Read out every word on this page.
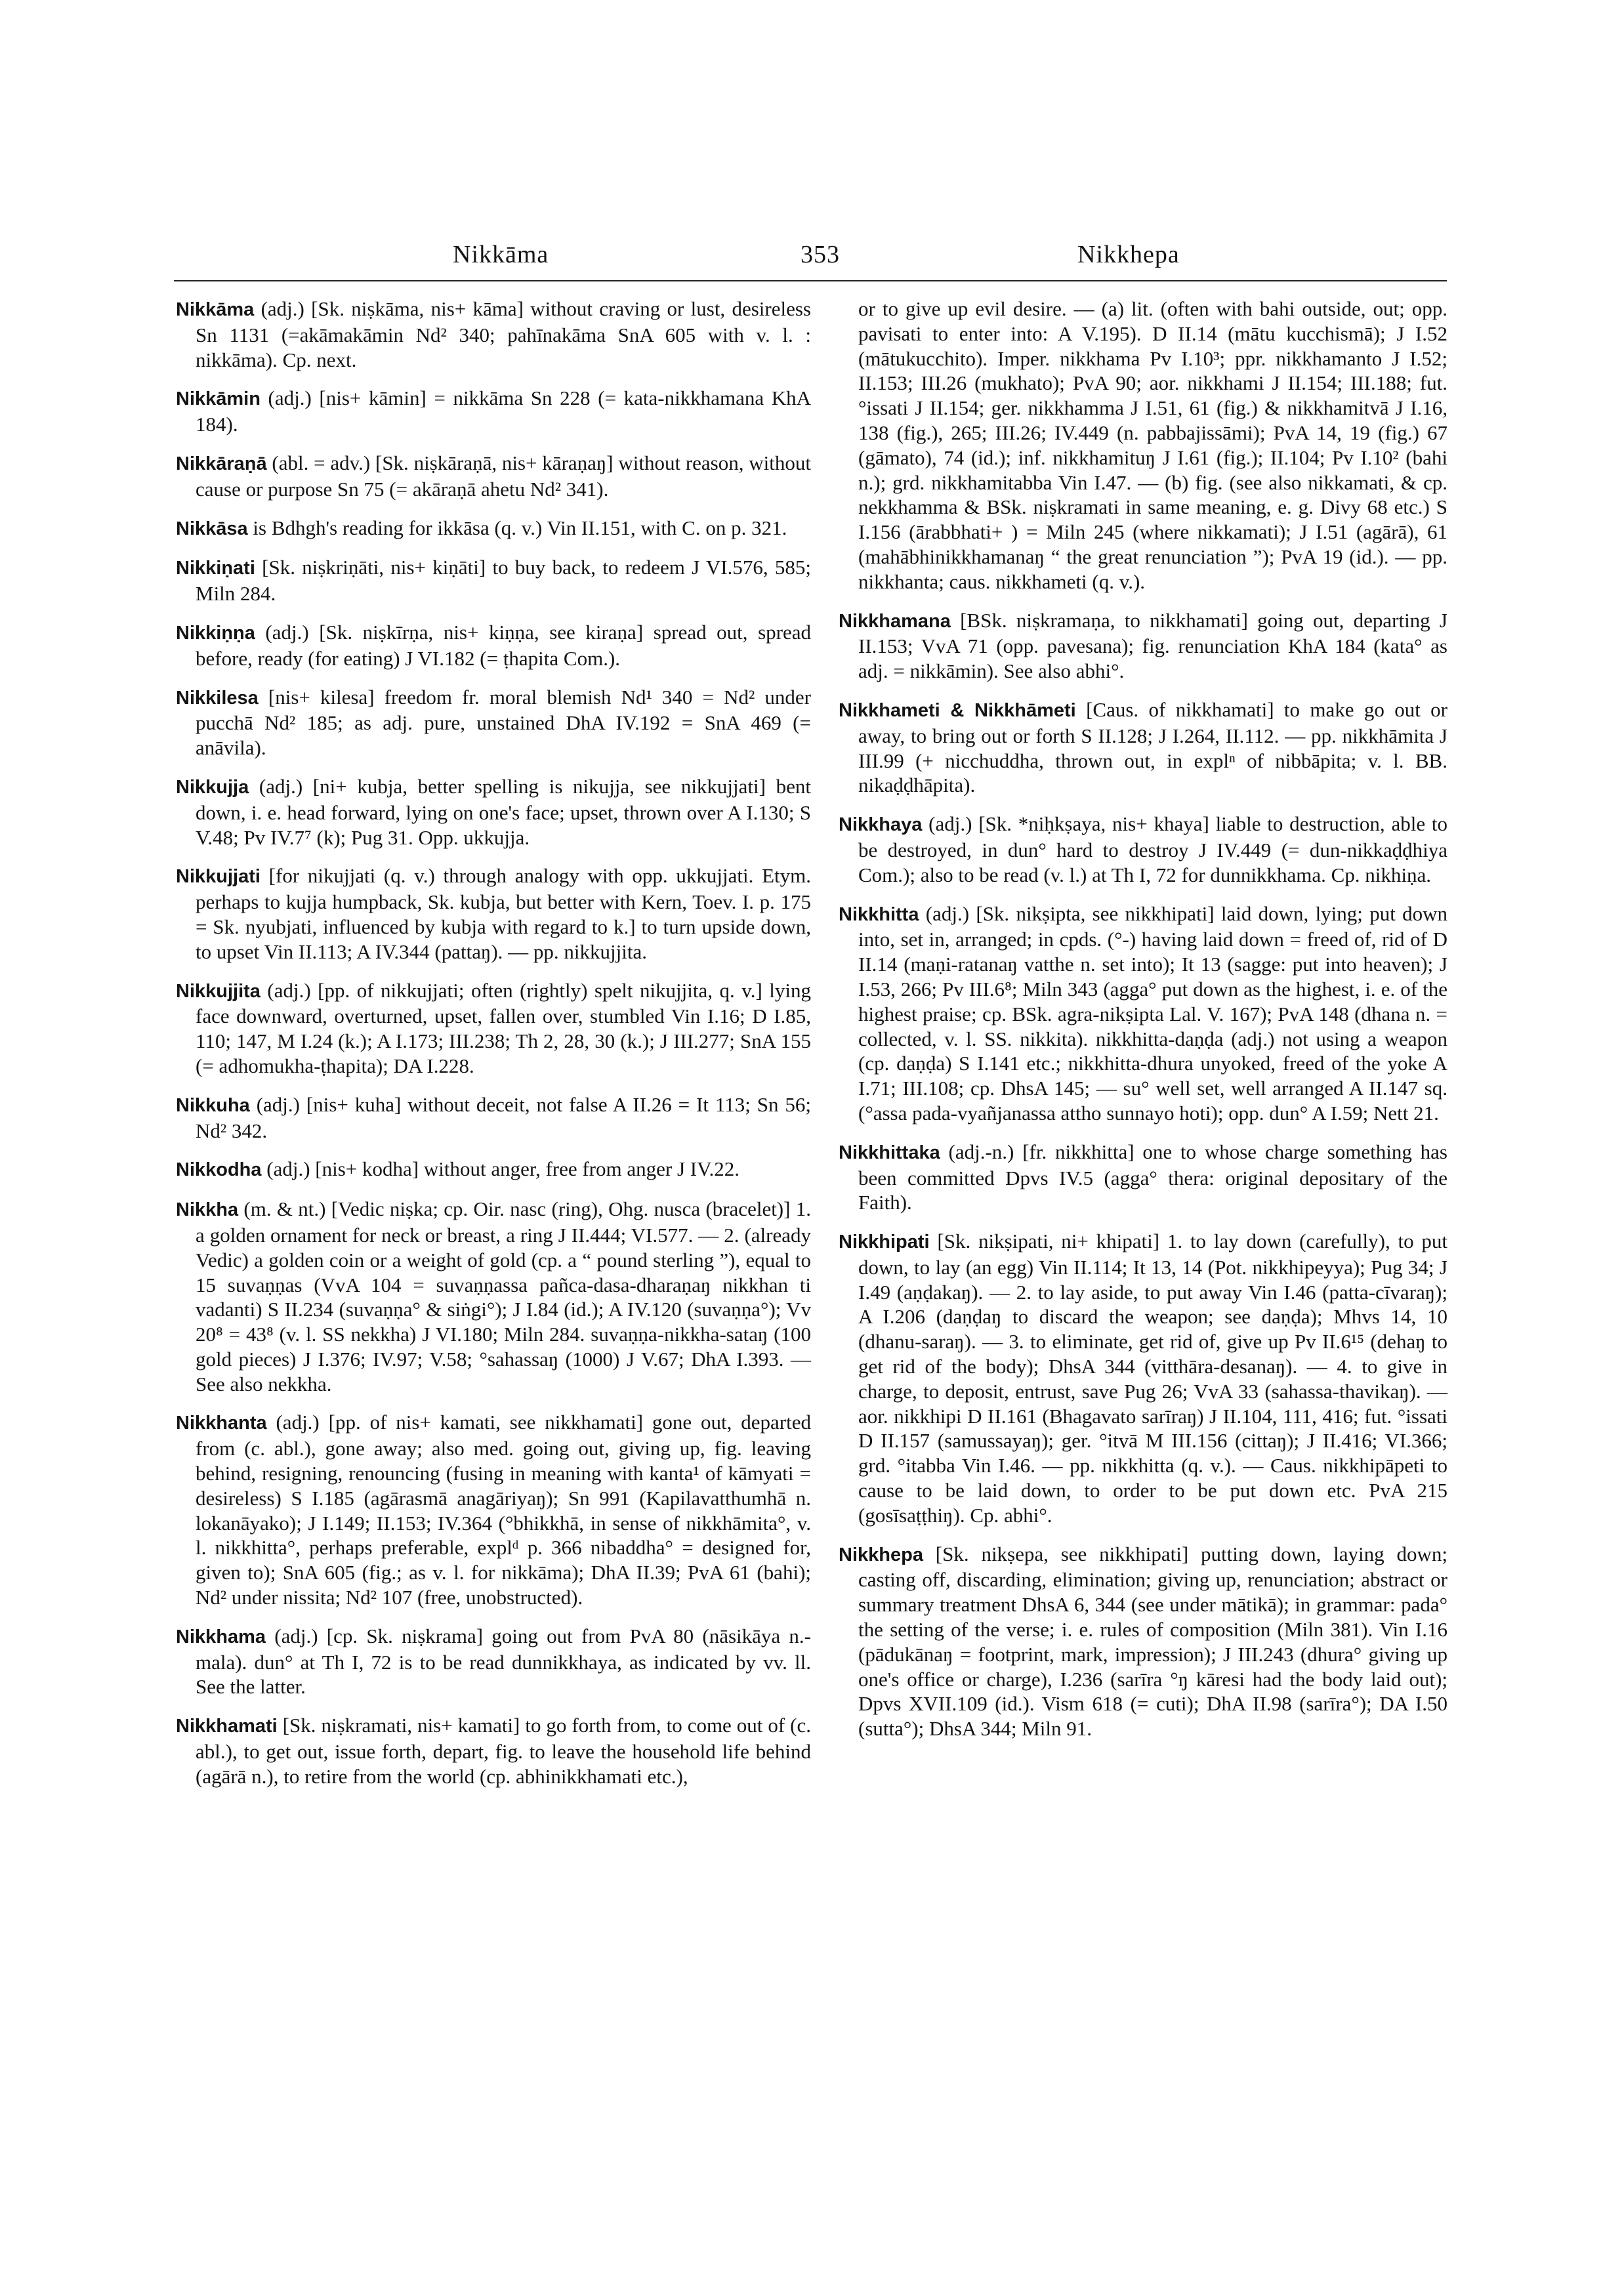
Nikkāma	353	Nikkhepa

Nikkāma (adj.) [Sk. niṣkāma, nis+ kāma] without craving or lust, desireless Sn 1131 (=akāmakāmin Nd² 340; pahīnakāma SnA 605 with v. l. : nikkāma). Cp. next.

Nikkāmin (adj.) [nis+ kāmin] = nikkāma Sn 228 (= kata-nikkhamana KhA 184).

Nikkāraṇā (abl. = adv.) [Sk. niṣkāraṇā, nis+ kāraṇaŋ] without reason, without cause or purpose Sn 75 (= akāraṇā ahetu Nd² 341).

Nikkāsa is Bdhgh's reading for ikkāsa (q. v.) Vin II.151, with C. on p. 321.

Nikkiṇati [Sk. niṣkriṇāti, nis+ kiṇāti] to buy back, to redeem J VI.576, 585; Miln 284.

Nikkiṇṇa (adj.) [Sk. niṣkīrṇa, nis+ kiṇṇa, see kiraṇa] spread out, spread before, ready (for eating) J VI.182 (= ṭhapita Com.).

Nikkilesa [nis+ kilesa] freedom fr. moral blemish Nd¹ 340 = Nd² under pucchā Nd² 185; as adj. pure, unstained DhA IV.192 = SnA 469 (= anāvila).

Nikkujja (adj.) [ni+ kubja, better spelling is nikujja, see nikkujjati] bent down, i. e. head forward, lying on one's face; upset, thrown over A I.130; S V.48; Pv IV.7⁷ (k); Pug 31. Opp. ukkujja.

Nikkujjati [for nikujjati (q. v.) through analogy with opp. ukkujjati. Etym. perhaps to kujja humpback, Sk. kubja, but better with Kern, Toev. I. p. 175 = Sk. nyubjati, influenced by kubja with regard to k.] to turn upside down, to upset Vin II.113; A IV.344 (pattaŋ). — pp. nikkujjita.

Nikkujjita (adj.) [pp. of nikkujjati; often (rightly) spelt nikujjita, q. v.] lying face downward, overturned, upset, fallen over, stumbled Vin I.16; D I.85, 110; 147, M I.24 (k.); A I.173; III.238; Th 2, 28, 30 (k.); J III.277; SnA 155 (= adhomukha-ṭhapita); DA I.228.

Nikkuha (adj.) [nis+ kuha] without deceit, not false A II.26 = It 113; Sn 56; Nd² 342.

Nikkodha (adj.) [nis+ kodha] without anger, free from anger J IV.22.

Nikkha (m. & nt.) [Vedic niṣka; cp. Oir. nasc (ring), Ohg. nusca (bracelet)] 1. a golden ornament for neck or breast, a ring J II.444; VI.577. — 2. (already Vedic) a golden coin or a weight of gold (cp. a “ pound sterling ”), equal to 15 suvaṇṇas (VvA 104 = suvaṇṇassa pañca-dasa-dharaṇaŋ nikkhan ti vadanti) S II.234 (suvaṇṇa° & siṅgi°); J I.84 (id.); A IV.120 (suvaṇṇa°); Vv 20⁸ = 43⁸ (v. l. SS nekkha) J VI.180; Miln 284. suvaṇṇa-nikkha-sataŋ (100 gold pieces) J I.376; IV.97; V.58; °sahassaŋ (1000) J V.67; DhA I.393. — See also nekkha.

Nikkhanta (adj.) [pp. of nis+ kamati, see nikkhamati] gone out, departed from (c. abl.), gone away; also med. going out, giving up, fig. leaving behind, resigning, renouncing (fusing in meaning with kanta¹ of kāmyati = desireless) S I.185 (agārasmā anagāriyaŋ); Sn 991 (Kapilavatthumhā n. lokanāyako); J I.149; II.153; IV.364 (°bhikkhā, in sense of nikkhāmita°, v. l. nikkhitta°, perhaps preferable, explᵈ p. 366 nibaddha° = designed for, given to); SnA 605 (fig.; as v. l. for nikkāma); DhA II.39; PvA 61 (bahi); Nd² under nissita; Nd² 107 (free, unobstructed).

Nikkhama (adj.) [cp. Sk. niṣkrama] going out from PvA 80 (nāsikāya n.-mala). dun° at Th I, 72 is to be read dunnikkhaya, as indicated by vv. ll. See the latter.

Nikkhamati [Sk. niṣkramati, nis+ kamati] to go forth from, to come out of (c. abl.), to get out, issue forth, depart, fig. to leave the household life behind (agārā n.), to retire from the world (cp. abhinikkhamati etc.),

or to give up evil desire. — (a) lit. (often with bahi outside, out; opp. pavisati to enter into: A V.195). D II.14 (mātu kucchismā); J I.52 (mātukucchito). Imper. nikkhama Pv I.10³; ppr. nikkhamanto J I.52; II.153; III.26 (mukhato); PvA 90; aor. nikkhami J II.154; III.188; fut. °issati J II.154; ger. nikkhamma J I.51, 61 (fig.) & nikkhamitvā J I.16, 138 (fig.), 265; III.26; IV.449 (n. pabbajissāmi); PvA 14, 19 (fig.) 67 (gāmato), 74 (id.); inf. nikkhamituŋ J I.61 (fig.); II.104; Pv I.10² (bahi n.); grd. nikkhamitabba Vin I.47. — (b) fig. (see also nikkamati, & cp. nekkhamma & BSk. niṣkramati in same meaning, e. g. Divy 68 etc.) S I.156 (ārabbhati+ ) = Miln 245 (where nikkamati); J I.51 (agārā), 61 (mahābhinikkhamanaŋ “ the great renunciation ”); PvA 19 (id.). — pp. nikkhanta; caus. nikkhameti (q. v.).

Nikkhamana [BSk. niṣkramaṇa, to nikkhamati] going out, departing J II.153; VvA 71 (opp. pavesana); fig. renunciation KhA 184 (kata° as adj. = nikkāmin). See also abhi°.

Nikkhameti & Nikkhāmeti [Caus. of nikkhamati] to make go out or away, to bring out or forth S II.128; J I.264, II.112. — pp. nikkhāmita J III.99 (+ nicchuddha, thrown out, in explⁿ of nibbāpita; v. l. BB. nikaḍḍhāpita).

Nikkhaya (adj.) [Sk. *niḥkṣaya, nis+ khaya] liable to destruction, able to be destroyed, in dun° hard to destroy J IV.449 (= dun-nikkaḍḍhiya Com.); also to be read (v. l.) at Th I, 72 for dunnikkhama. Cp. nikhiṇa.

Nikkhitta (adj.) [Sk. nikṣipta, see nikkhipati] laid down, lying; put down into, set in, arranged; in cpds. (°-) having laid down = freed of, rid of D II.14 (maṇi-ratanaŋ vatthe n. set into); It 13 (sagge: put into heaven); J I.53, 266; Pv III.6⁸; Miln 343 (agga° put down as the highest, i. e. of the highest praise; cp. BSk. agra-nikṣipta Lal. V. 167); PvA 148 (dhana n. = collected, v. l. SS. nikkita). nikkhitta-daṇḍa (adj.) not using a weapon (cp. daṇḍa) S I.141 etc.; nikkhitta-dhura unyoked, freed of the yoke A I.71; III.108; cp. DhsA 145; — su° well set, well arranged A II.147 sq. (°assa pada-vyañjanassa attho sunnayo hoti); opp. dun° A I.59; Nett 21.

Nikkhittaka (adj.-n.) [fr. nikkhitta] one to whose charge something has been committed Dpvs IV.5 (agga° thera: original depositary of the Faith).

Nikkhipati [Sk. nikṣipati, ni+ khipati] 1. to lay down (carefully), to put down, to lay (an egg) Vin II.114; It 13, 14 (Pot. nikkhipeyya); Pug 34; J I.49 (aṇḍakaŋ). — 2. to lay aside, to put away Vin I.46 (patta-cīvaraŋ); A I.206 (daṇḍaŋ to discard the weapon; see daṇḍa); Mhvs 14, 10 (dhanu-saraŋ). — 3. to eliminate, get rid of, give up Pv II.6¹⁵ (dehaŋ to get rid of the body); DhsA 344 (vitthāra-desanaŋ). — 4. to give in charge, to deposit, entrust, save Pug 26; VvA 33 (sahassa-thavikaŋ). — aor. nikkhipi D II.161 (Bhagavato sarīraŋ) J II.104, 111, 416; fut. °issati D II.157 (samussayaŋ); ger. °itvā M III.156 (cittaŋ); J II.416; VI.366; grd. °itabba Vin I.46. — pp. nikkhitta (q. v.). — Caus. nikkhipāpeti to cause to be laid down, to order to be put down etc. PvA 215 (gosīsaṭṭhiŋ). Cp. abhi°.

Nikkhepa [Sk. nikṣepa, see nikkhipati] putting down, laying down; casting off, discarding, elimination; giving up, renunciation; abstract or summary treatment DhsA 6, 344 (see under mātikā); in grammar: pada° the setting of the verse; i. e. rules of composition (Miln 381). Vin I.16 (pādukānaŋ = footprint, mark, impression); J III.243 (dhura° giving up one's office or charge), I.236 (sarīra °ŋ kāresi had the body laid out); Dpvs XVII.109 (id.). Vism 618 (= cuti); DhA II.98 (sarīra°); DA I.50 (sutta°); DhsA 344; Miln 91.
